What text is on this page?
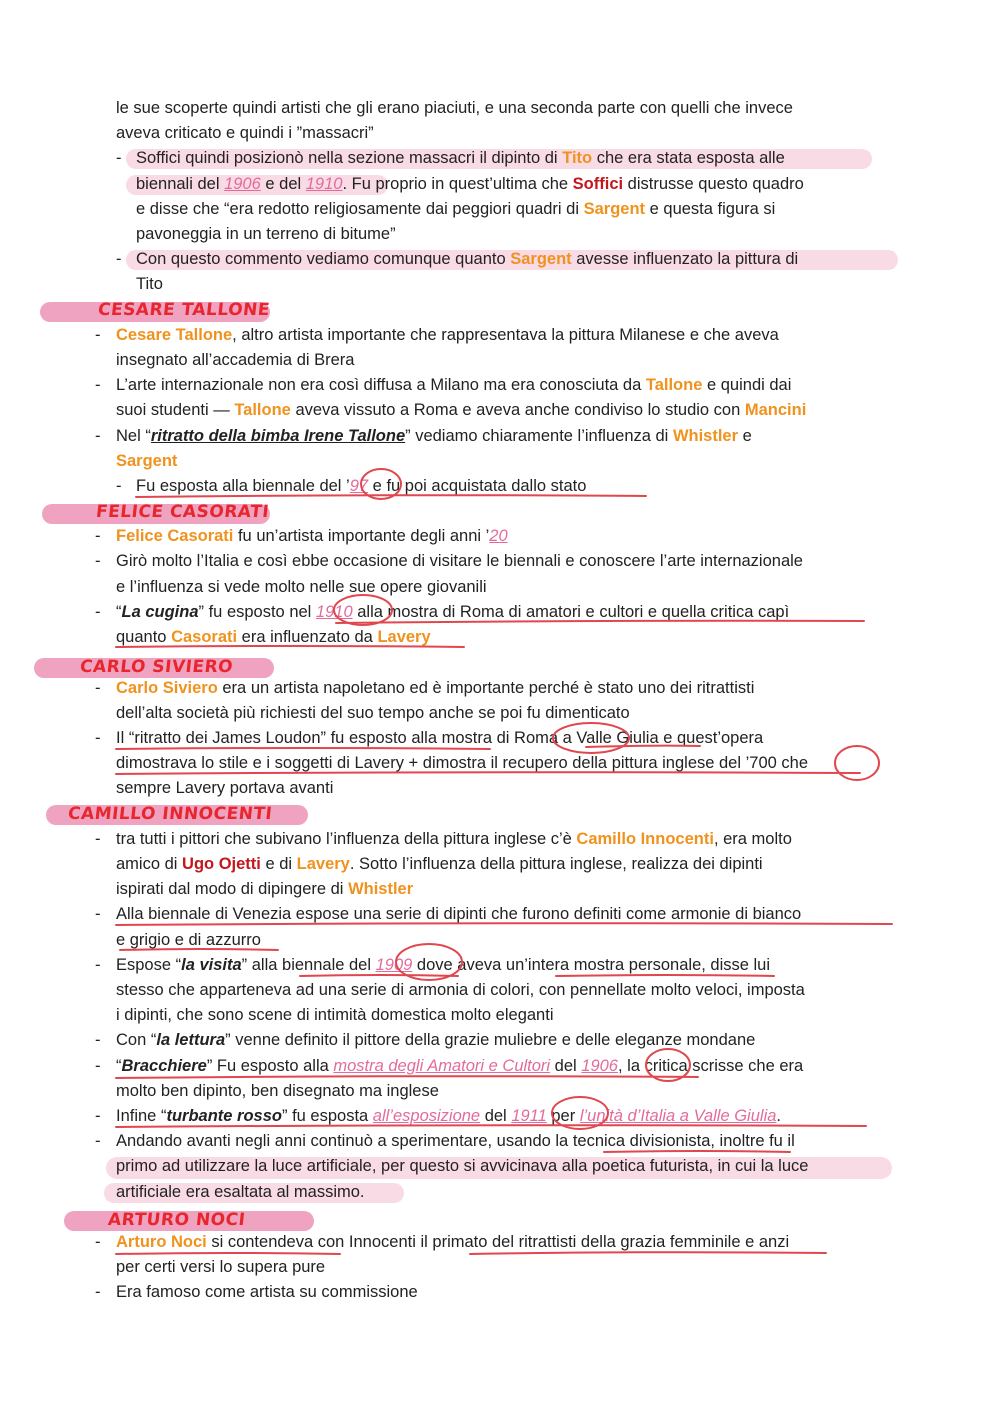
CESARE TALLONE
FELICE CASORATI
CARLO SIVIERO
CAMILLO INNOCENTI
ARTURO NOCI
le sue scoperte quindi artisti che gli erano piaciuti, e una seconda parte con quelli che invece
aveva criticato e quindi i ”massacri”
- Soffici quindi posizionò nella sezione massacri il dipinto di Tito che era stata esposta alle
biennali del 1906 e del 1910. Fu proprio in quest’ultima che Soffici distrusse questo quadro
e disse che “era redotto religiosamente dai peggiori quadri di Sargent e questa figura si
pavoneggia in un terreno di bitume”
- Con questo commento vediamo comunque quanto Sargent avesse influenzato la pittura di
Tito
- Cesare Tallone, altro artista importante che rappresentava la pittura Milanese e che aveva
insegnato all’accademia di Brera
- L’arte internazionale non era così diffusa a Milano ma era conosciuta da Tallone e quindi dai
suoi studenti — Tallone aveva vissuto a Roma e aveva anche condiviso lo studio con Mancini
- Nel “ritratto della bimba Irene Tallone” vediamo chiaramente l’influenza di Whistler e
Sargent
- Fu esposta alla biennale del ’97 e fu poi acquistata dallo stato
- Felice Casorati fu un’artista importante degli anni ’20
- Girò molto l’Italia e così ebbe occasione di visitare le biennali e conoscere l’arte internazionale
e l’influenza si vede molto nelle sue opere giovanili
- “La cugina” fu esposto nel 1910 alla mostra di Roma di amatori e cultori e quella critica capì
quanto Casorati era influenzato da Lavery
- Carlo Siviero era un artista napoletano ed è importante perché è stato uno dei ritrattisti
dell’alta società più richiesti del suo tempo anche se poi fu dimenticato
- Il “ritratto dei James Loudon” fu esposto alla mostra di Roma a Valle Giulia e quest’opera
dimostrava lo stile e i soggetti di Lavery + dimostra il recupero della pittura inglese del ’700 che
sempre Lavery portava avanti
- tra tutti i pittori che subivano l’influenza della pittura inglese c’è Camillo Innocenti, era molto
amico di Ugo Ojetti e di Lavery. Sotto l’influenza della pittura inglese, realizza dei dipinti
ispirati dal modo di dipingere di Whistler
- Alla biennale di Venezia espose una serie di dipinti che furono definiti come armonie di bianco
e grigio e di azzurro
- Espose “la visita” alla biennale del 1909 dove aveva un’intera mostra personale, disse lui
stesso che apparteneva ad una serie di armonia di colori, con pennellate molto veloci, imposta
i dipinti, che sono scene di intimità domestica molto eleganti
- Con “la lettura” venne definito il pittore della grazie muliebre e delle eleganze mondane
- “Bracchiere” Fu esposto alla mostra degli Amatori e Cultori del 1906, la critica scrisse che era
molto ben dipinto, ben disegnato ma inglese
- Infine “turbante rosso” fu esposta all’esposizione del 1911 per l’unità d’Italia a Valle Giulia.
- Andando avanti negli anni continuò a sperimentare, usando la tecnica divisionista, inoltre fu il
primo ad utilizzare la luce artificiale, per questo si avvicinava alla poetica futurista, in cui la luce
artificiale era esaltata al massimo.
- Arturo Noci si contendeva con Innocenti il primato del ritrattisti della grazia femminile e anzi
per certi versi lo supera pure
- Era famoso come artista su commissione
